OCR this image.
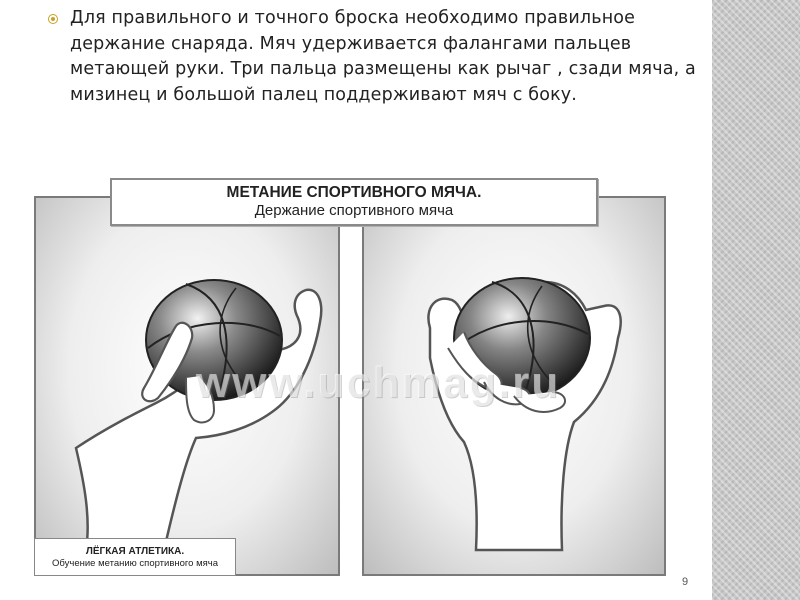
Для правильного и точного броска необходимо правильное держание снаряда. Мяч удерживается фалангами пальцев метающей руки. Три пальца размещены как рычаг , сзади мяча, а мизинец и большой палец поддерживают мяч с боку.

www.uchmag.ru
МЕТАНИЕ СПОРТИВНОГО МЯЧА.
Держание спортивного мяча
ЛЁГКАЯ АТЛЕТИКА.
Обучение метанию спортивного мяча
9
